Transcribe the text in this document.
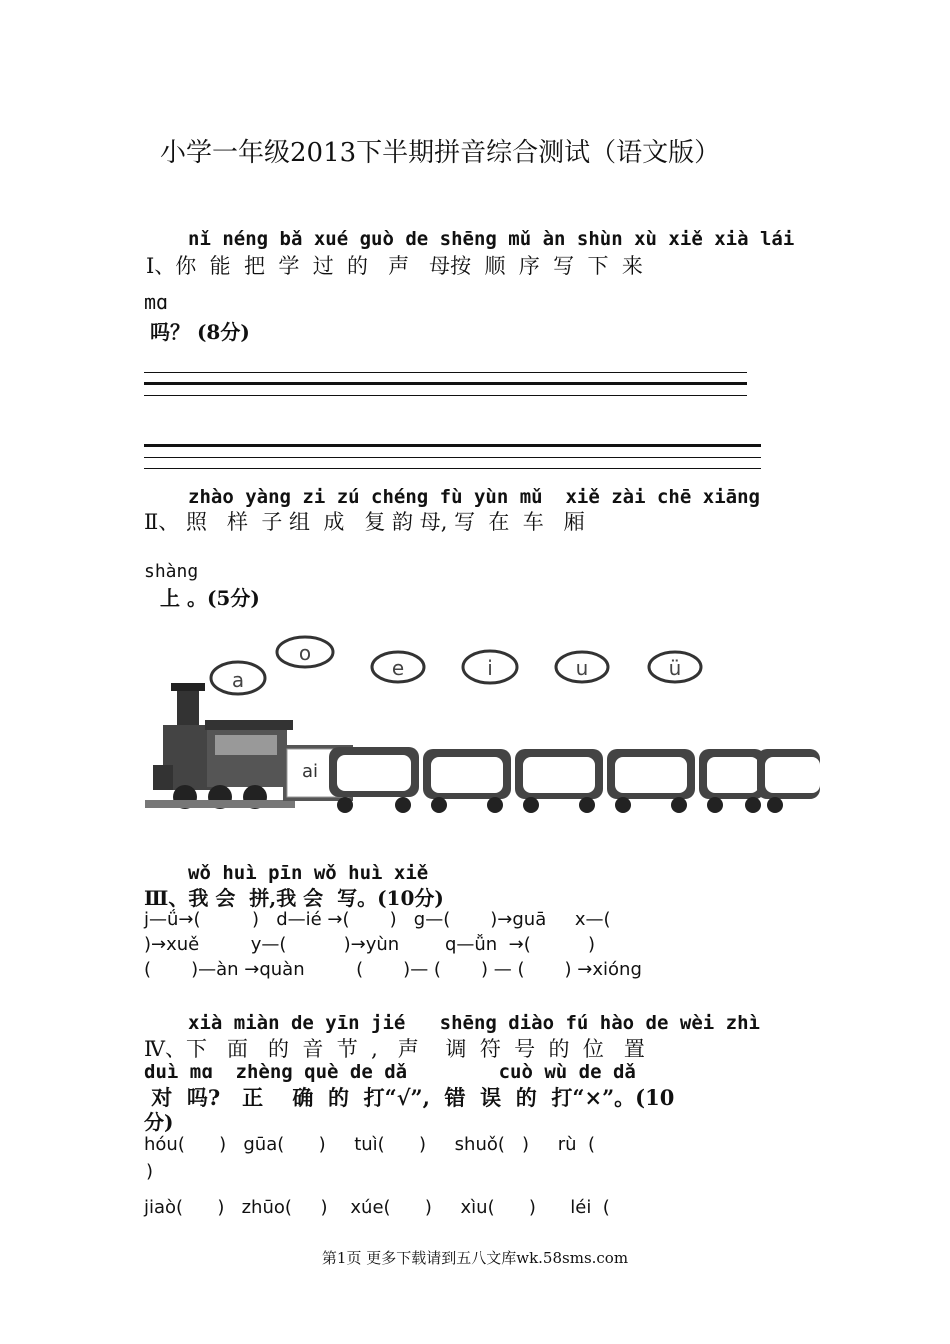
小学一年级2013下半期拼音综合测试（语文版）
nǐ néng bǎ xué guò de shēng mǔ àn shùn xù xiě xià lái
Ⅰ、你  能  把  学  过  的   声   母按  顺  序  写  下  来
mɑ
吗？ (8分)
zhào yàng zi zú chéng fù yùn mǔ  xiě zài chē xiāng
Ⅱ、 照   样  子 组  成   复 韵 母, 写  在  车   厢
shàng
上 。(5分)
a
o
e	i	u	ü
ai
wǒ huì pīn wǒ huì xiě
Ⅲ、我 会  拼,我 会  写。(10分)
j—ǘ→(         )   d—ié →(       )   g—(       )→guā     x—(
)→xuě         y—(          )→yùn        q—ǚn  →(          )
(       )—àn →quàn         (       )— (       ) — (       ) →xióng
xià miàn de yīn jié   shēng diào fú hào de wèi zhì
Ⅳ、下   面   的  音  节  ,   声    调  符  号  的  位   置
duì mɑ  zhèng què de dǎ        cuò wù de dǎ
对  吗?   正    确  的  打“√”,  错  误  的  打“×”。(10
分)
hóu(      )   gūa(      )     tuì(      )     shuǒ(   )     rù  (
)
jiaò(      )   zhūo(     )    xúe(      )     xìu(      )      léi  (
第1页 更多下载请到五八文库wk.58sms.com
